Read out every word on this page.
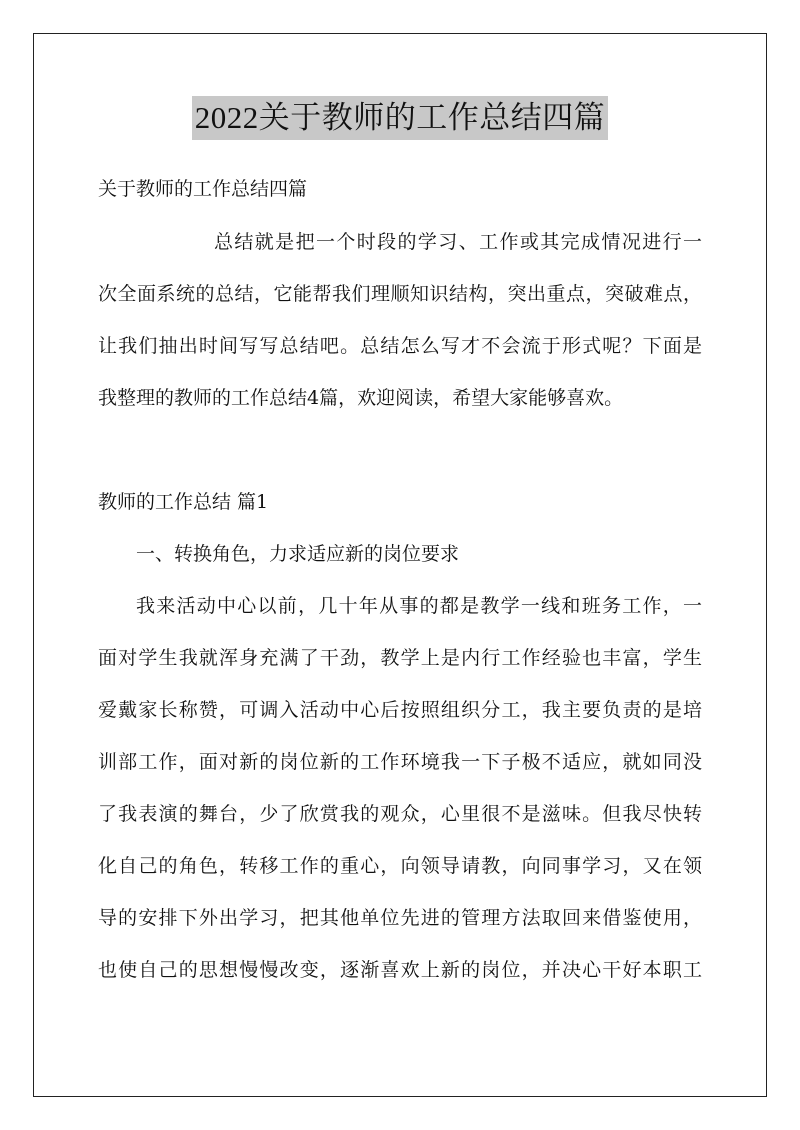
2022关于教师的工作总结四篇
关于教师的工作总结四篇
总结就是把一个时段的学习、工作或其完成情况进行一
次全面系统的总结，它能帮我们理顺知识结构，突出重点，突破难点，
让我们抽出时间写写总结吧。总结怎么写才不会流于形式呢？下面是
我整理的教师的工作总结4篇，欢迎阅读，希望大家能够喜欢。
教师的工作总结 篇1
一、转换角色，力求适应新的岗位要求
我来活动中心以前，几十年从事的都是教学一线和班务工作，一
面对学生我就浑身充满了干劲，教学上是内行工作经验也丰富，学生
爱戴家长称赞，可调入活动中心后按照组织分工，我主要负责的是培
训部工作，面对新的岗位新的工作环境我一下子极不适应，就如同没
了我表演的舞台，少了欣赏我的观众，心里很不是滋味。但我尽快转
化自己的角色，转移工作的重心，向领导请教，向同事学习，又在领
导的安排下外出学习，把其他单位先进的管理方法取回来借鉴使用，
也使自己的思想慢慢改变，逐渐喜欢上新的岗位，并决心干好本职工
